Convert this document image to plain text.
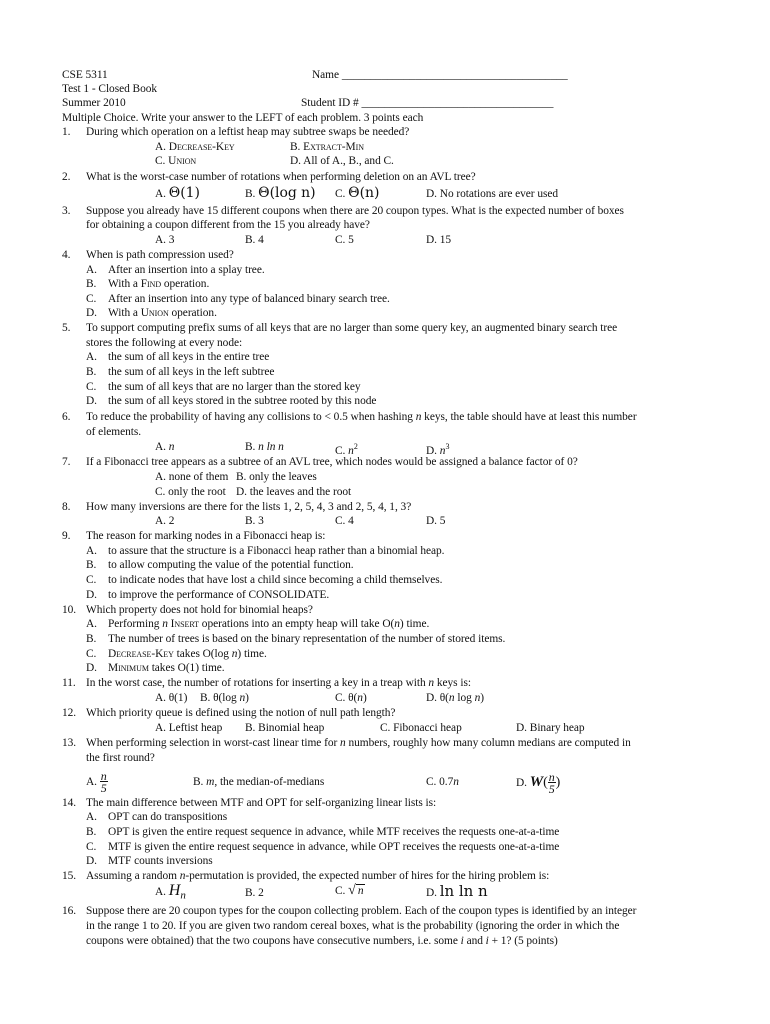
CSE 5311	Name ________________________________________
Test 1 - Closed Book
Summer 2010	Student ID # __________________________________
Multiple Choice. Write your answer to the LEFT of each problem. 3 points each
1. During which operation on a leftist heap may subtree swaps be needed?
A. Decrease-Key	B. Extract-Min
C. Union	D. All of A., B., and C.
2. What is the worst-case number of rotations when performing deletion on an AVL tree?
A. Θ(1)	B. Θ(log n) C. Θ(n)	D. No rotations are ever used
3. Suppose you already have 15 different coupons when there are 20 coupon types. What is the expected number of boxes
for obtaining a coupon different from the 15 you already have?
A. 3	B. 4	C. 5	D. 15
4. When is path compression used?
A. After an insertion into a splay tree.
B. With a Find operation.
C. After an insertion into any type of balanced binary search tree.
D. With a Union operation.
5. To support computing prefix sums of all keys that are no larger than some query key, an augmented binary search tree
stores the following at every node:
A. the sum of all keys in the entire tree
B. the sum of all keys in the left subtree
C. the sum of all keys that are no larger than the stored key
D. the sum of all keys stored in the subtree rooted by this node
6. To reduce the probability of having any collisions to < 0.5 when hashing n keys, the table should have at least this number
of elements.
A. n	B. n ln n	C. $n^2$	D. $n^3$
7. If a Fibonacci tree appears as a subtree of an AVL tree, which nodes would be assigned a balance factor of 0?
A. none of them B. only the leaves
C. only the root D. the leaves and the root
8. How many inversions are there for the lists 1, 2, 5, 4, 3 and 2, 5, 4, 1, 3?
A. 2	B. 3	C. 4	D. 5
9. The reason for marking nodes in a Fibonacci heap is:
A. to assure that the structure is a Fibonacci heap rather than a binomial heap.
B. to allow computing the value of the potential function.
C. to indicate nodes that have lost a child since becoming a child themselves.
D. to improve the performance of CONSOLIDATE.
10. Which property does not hold for binomial heaps?
A. Performing n Insert operations into an empty heap will take O(n) time.
B. The number of trees is based on the binary representation of the number of stored items.
C. Decrease-Key takes O(log n) time.
D. Minimum takes O(1) time.
11. In the worst case, the number of rotations for inserting a key in a treap with n keys is:
A. θ(1) B. θ(log n)	C. θ(n)	D. θ(n log n)
12. Which priority queue is defined using the notion of null path length?
A. Leftist heap B. Binomial heap	C. Fibonacci heap	D. Binary heap
13. When performing selection in worst-cast linear time for n numbers, roughly how many column medians are computed in
the first round?
A. $\frac{n}{5}$	B. m, the median-of-medians	C. 0.7n	D. $W( \frac{n}{5}$ )
14. The main difference between MTF and OPT for self-organizing linear lists is:
A. OPT can do transpositions
B. OPT is given the entire request sequence in advance, while MTF receives the requests one-at-a-time
C. MTF is given the entire request sequence in advance, while OPT receives the requests one-at-a-time
D. MTF counts inversions
15. Assuming a random n-permutation is provided, the expected number of hires for the hiring problem is:
A. $H_n$	B. 2	C. √ n	D. ln ln n
16. Suppose there are 20 coupon types for the coupon collecting problem. Each of the coupon types is identified by an integer
in the range 1 to 20. If you are given two random cereal boxes, what is the probability (ignoring the order in which the
coupons were obtained) that the two coupons have consecutive numbers, i.e. some i and i + 1? (5 points)
